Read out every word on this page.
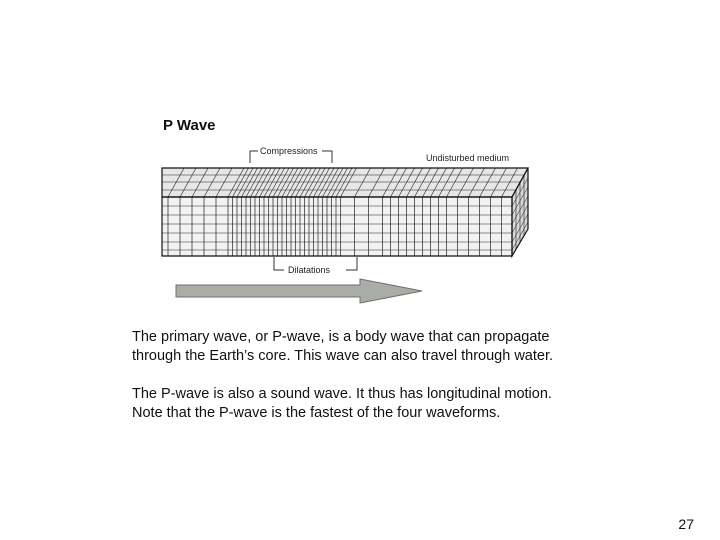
P Wave
Compressions
Undisturbed medium
Dilatations

The primary wave, or P-wave, is a body wave that can propagate
through the Earth’s core. This wave can also travel through water.

The P-wave is also a sound wave. It thus has longitudinal motion.
Note that the P-wave is the fastest of the four waveforms.

27
